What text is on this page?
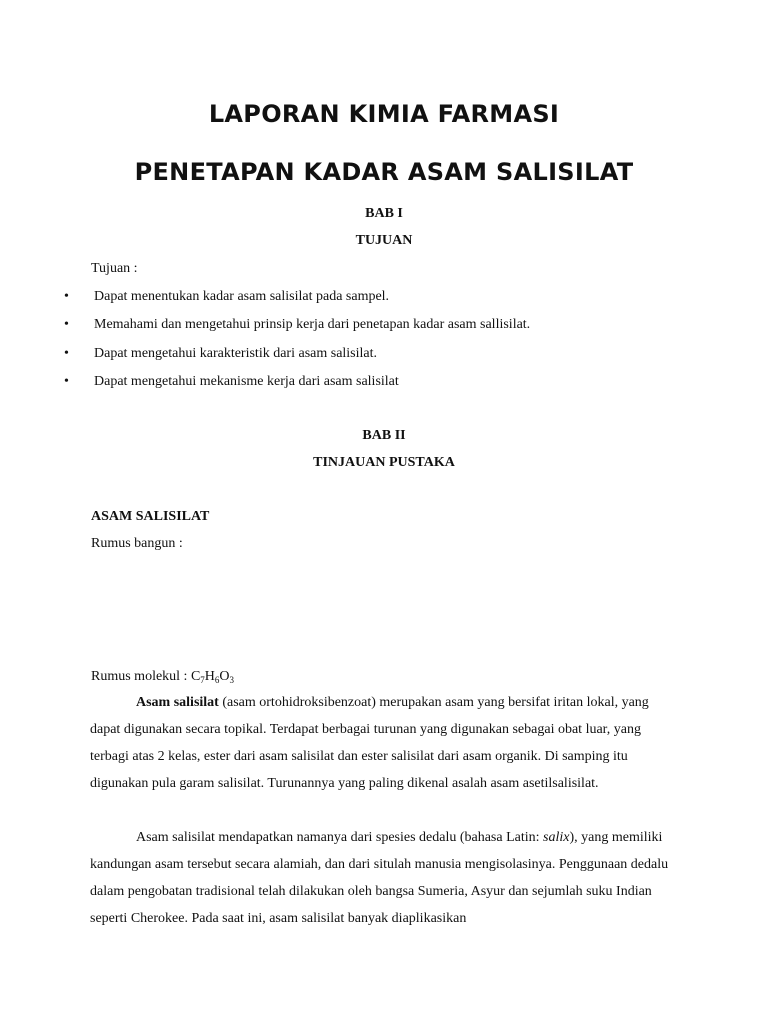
LAPORAN KIMIA FARMASI
PENETAPAN KADAR ASAM SALISILAT
BAB I
TUJUAN
Tujuan :
• Dapat menentukan kadar asam salisilat pada sampel.
• Memahami dan mengetahui prinsip kerja dari penetapan kadar asam sallisilat.
• Dapat mengetahui karakteristik dari asam salisilat.
• Dapat mengetahui mekanisme kerja dari asam salisilat
BAB II
TINJAUAN PUSTAKA
ASAM SALISILAT
Rumus bangun :
Rumus molekul : $C_7H_6O_3$
Asam salisilat (asam ortohidroksibenzoat) merupakan asam yang bersifat iritan lokal, yang dapat digunakan secara topikal. Terdapat berbagai turunan yang digunakan sebagai obat luar, yang terbagi atas 2 kelas, ester dari asam salisilat dan ester salisilat dari asam organik. Di samping itu digunakan pula garam salisilat. Turunannya yang paling dikenal asalah asam asetilsalisilat.
Asam salisilat mendapatkan namanya dari spesies dedalu (bahasa Latin: salix), yang memiliki kandungan asam tersebut secara alamiah, dan dari situlah manusia mengisolasinya. Penggunaan dedalu dalam pengobatan tradisional telah dilakukan oleh bangsa Sumeria, Asyur dan sejumlah suku Indian seperti Cherokee. Pada saat ini, asam salisilat banyak diaplikasikan
